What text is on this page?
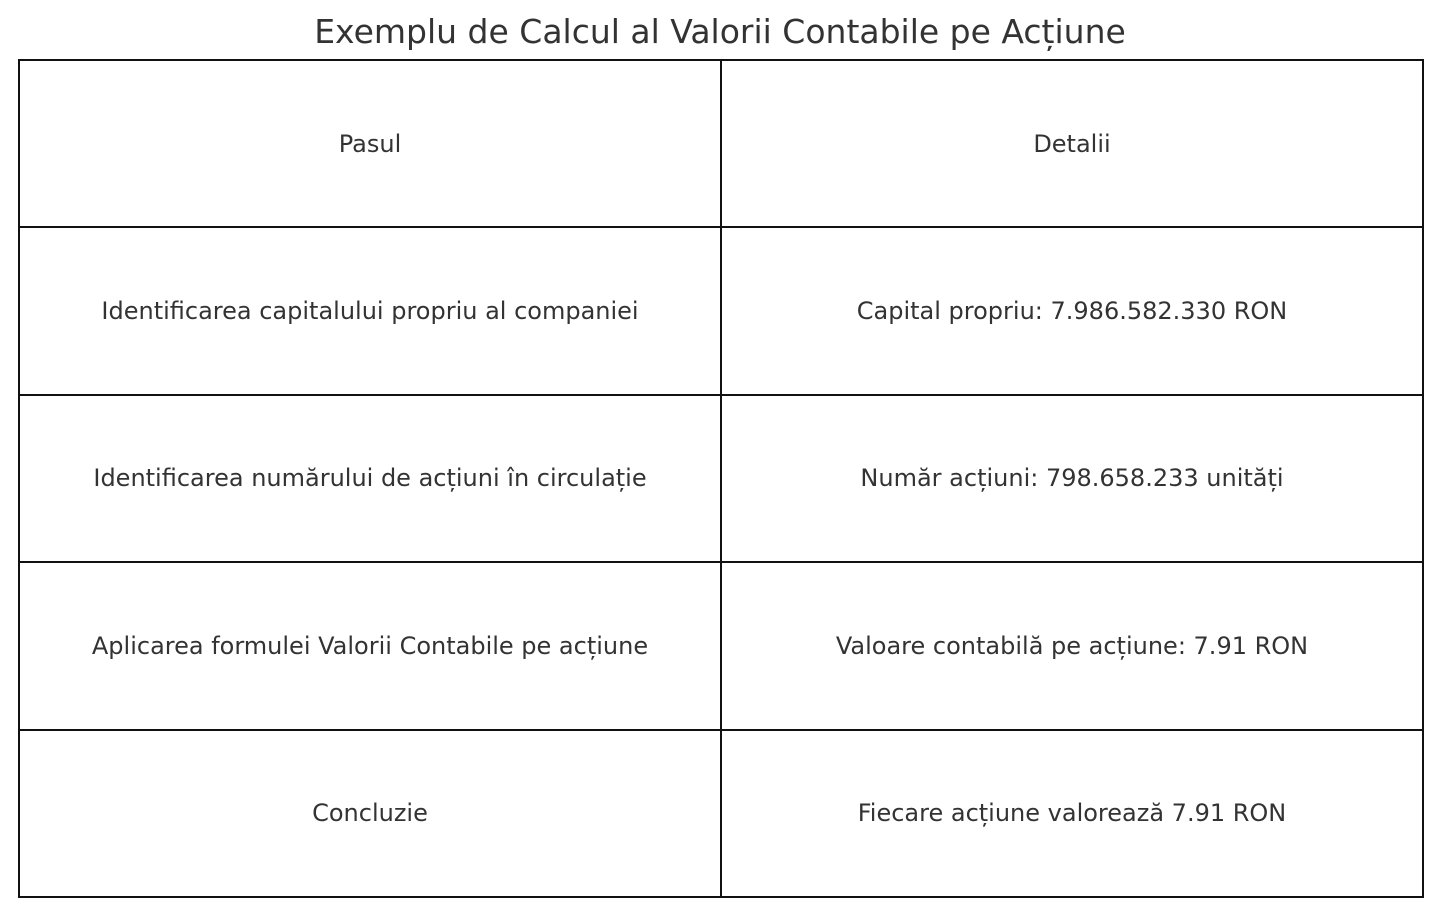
Exemplu de Calcul al Valorii Contabile pe Acțiune
Pasul	Detalii
Identificarea capitalului propriu al companiei	Capital propriu: 7.986.582.330 RON
Identificarea numărului de acțiuni în circulație	Număr acțiuni: 798.658.233 unități
Aplicarea formulei Valorii Contabile pe acțiune	Valoare contabilă pe acțiune: 7.91 RON
Concluzie	Fiecare acțiune valorează 7.91 RON
